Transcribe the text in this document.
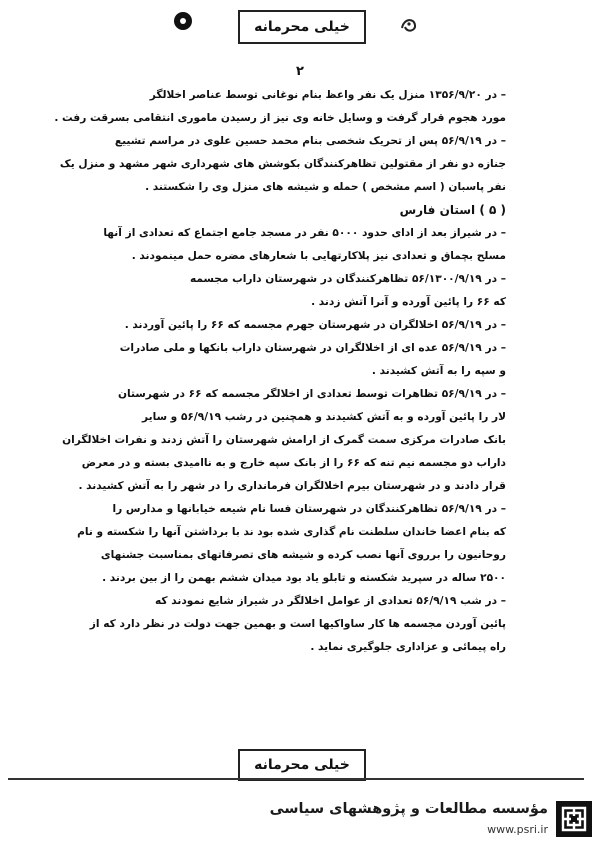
خیلی محرمانه
۲

– در ۱۳۵۶/۹/۲۰ منزل یک نفر واعظ بنام نوغانی توسط عناصر اخلالگر

مورد هجوم قرار گرفت و وسایل خانه وی نیز از رسیدن ماموری انتقامی بسرقت رفت .

– در ۵۶/۹/۱۹ پس از تحریک شخصی بنام محمد حسین علوی در مراسم تشییع

جنازه دو نفر از مقتولین تظاهرکنندگان بکوشش های شهرداری شهر مشهد و منزل یک

نفر پاسبان ( اسم مشخص ) حمله و شیشه های منزل وی را شکستند .

( ۵ ) استان فارس

– در شیراز بعد از ادای حدود ۵۰۰۰ نفر در مسجد جامع اجتماع که تعدادی از آنها

مسلح بچماق و تعدادی نیز پلاکارتهایی با شعارهای مضره حمل مینمودند .

– در ۵۶/۱۳۰۰/۹/۱۹ تظاهرکنندگان در شهرستان داراب مجسمه

که ۶۶ را پائین آورده و آنرا آتش زدند .

– در ۵۶/۹/۱۹ اخلالگران در شهرستان جهرم مجسمه که ۶۶ را پائین آوردند .

– در ۵۶/۹/۱۹ عده ای از اخلالگران در شهرستان داراب بانکها و ملی صادرات

و سپه را به آتش کشیدند .

– در ۵۶/۹/۱۹ تظاهرات توسط تعدادی از اخلالگر مجسمه که ۶۶ در شهرستان

لار را پائین آورده و به آتش کشیدند و همچنین در رشب ۵۶/۹/۱۹ و سایر

بانک صادرات مرکزی سمت گمرک از ارامش شهرستان را آتش زدند و نفرات اخلالگران

داراب دو مجسمه نیم تنه که ۶۶ را از بانک سپه خارج و به ناامیدی بسته و در معرض

قرار دادند و در شهرستان بیرم اخلالگران فرمانداری را در شهر را به آتش کشیدند .

– در ۵۶/۹/۱۹ تظاهرکنندگان در شهرستان فسا نام شیعه خیابانها و مدارس را

که بنام اعضا خاندان سلطنت نام گذاری شده بود ند با برداشتن آنها را شکسته و نام

روحانیون را برروی آنها نصب کرده و شیشه های تصرفاتهای بمناسبت جشنهای

۲۵۰۰ ساله در سپرید شکسته و تابلو یاد بود میدان ششم بهمن را از بین بردند .

– در شب ۵۶/۹/۱۹ تعدادی از عوامل اخلالگر در شیراز شایع نمودند که

پائین آوردن مجسمه ها کار ساواکیها است و بهمین جهت دولت در نظر دارد که از

راه پیمائی و عزاداری جلوگیری نماید .

خیلی محرمانه
مؤسسه مطالعات و پژوهشهای سیاسی
www.psri.ir
